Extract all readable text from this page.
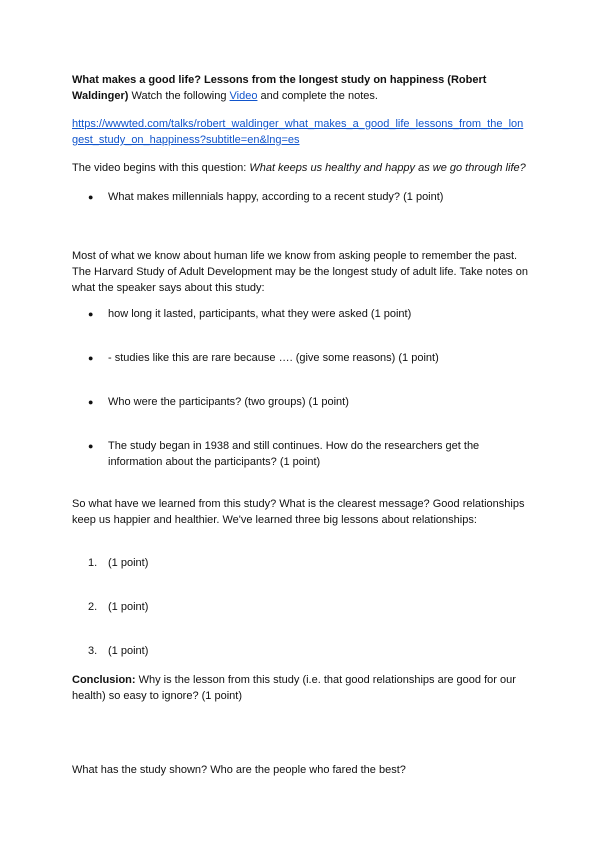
What makes a good life? Lessons from the longest study on happiness (Robert Waldinger) Watch the following Video and complete the notes.
https://wwwted.com/talks/robert_waldinger_what_makes_a_good_life_lessons_from_the_longest_study_on_happiness?subtitle=en&lng=es
The video begins with this question: What keeps us healthy and happy as we go through life?
● What makes millennials happy, according to a recent study? (1 point)
Most of what we know about human life we know from asking people to remember the past. The Harvard Study of Adult Development may be the longest study of adult life. Take notes on what the speaker says about this study:
● how long it lasted, participants, what they were asked (1 point)
● - studies like this are rare because …. (give some reasons) (1 point)
● Who were the participants? (two groups) (1 point)
● The study began in 1938 and still continues. How do the researchers get the information about the participants? (1 point)
So what have we learned from this study? What is the clearest message? Good relationships keep us happier and healthier. We've learned three big lessons about relationships:
1. (1 point)
2. (1 point)
3. (1 point)
Conclusion: Why is the lesson from this study (i.e. that good relationships are good for our health) so easy to ignore? (1 point)
What has the study shown? Who are the people who fared the best?
